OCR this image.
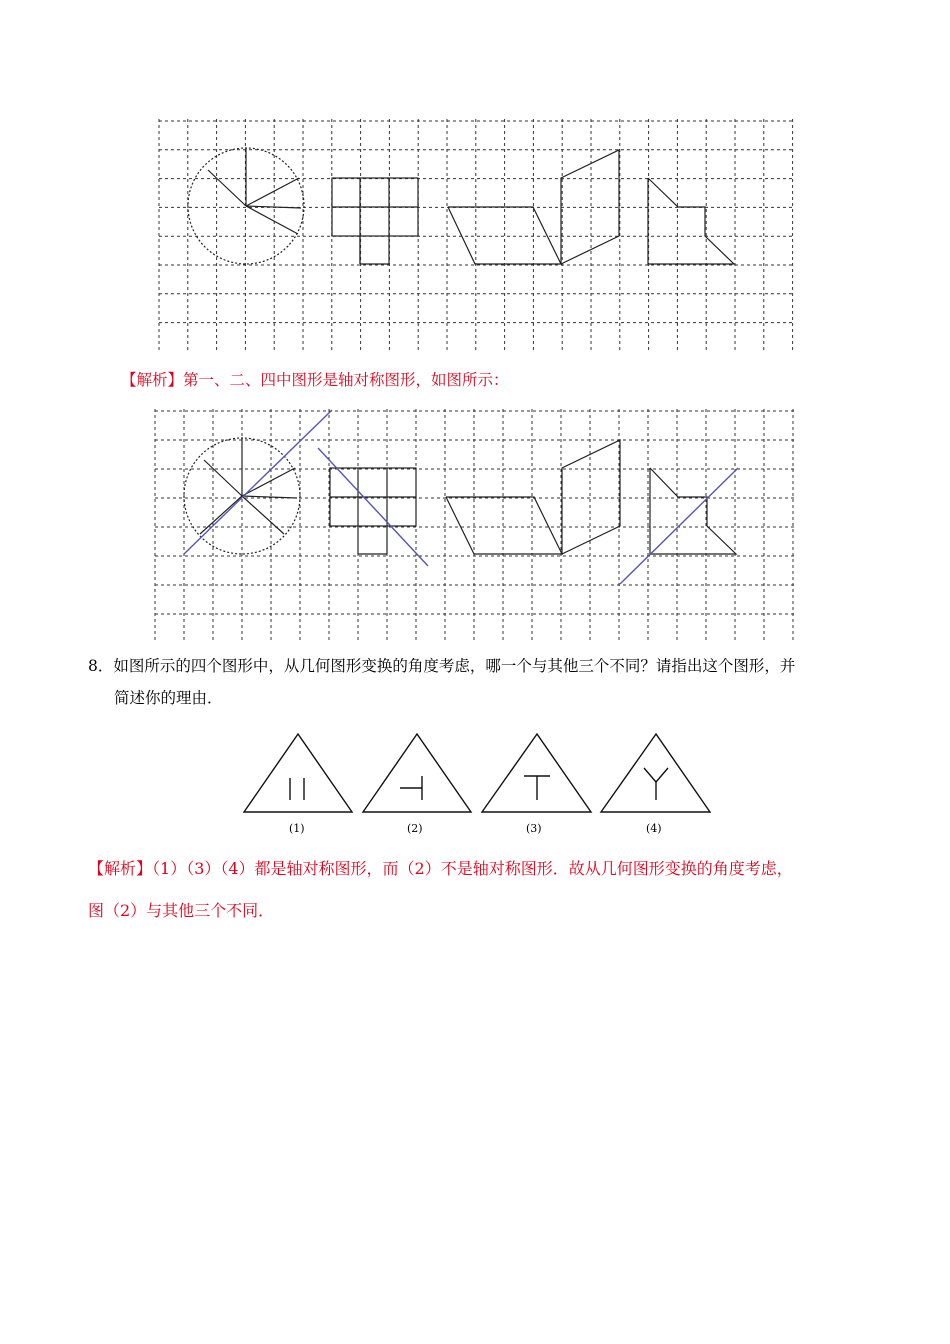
【解析】第一、二、四中图形是轴对称图形，如图所示：
8．如图所示的四个图形中，从几何图形变换的角度考虑，哪一个与其他三个不同？请指出这个图形，并
简述你的理由．
(1)	(2)	(3)	(4)
【解析】（1）（3）（4）都是轴对称图形，而（2）不是轴对称图形．故从几何图形变换的角度考虑，
图（2）与其他三个不同．
